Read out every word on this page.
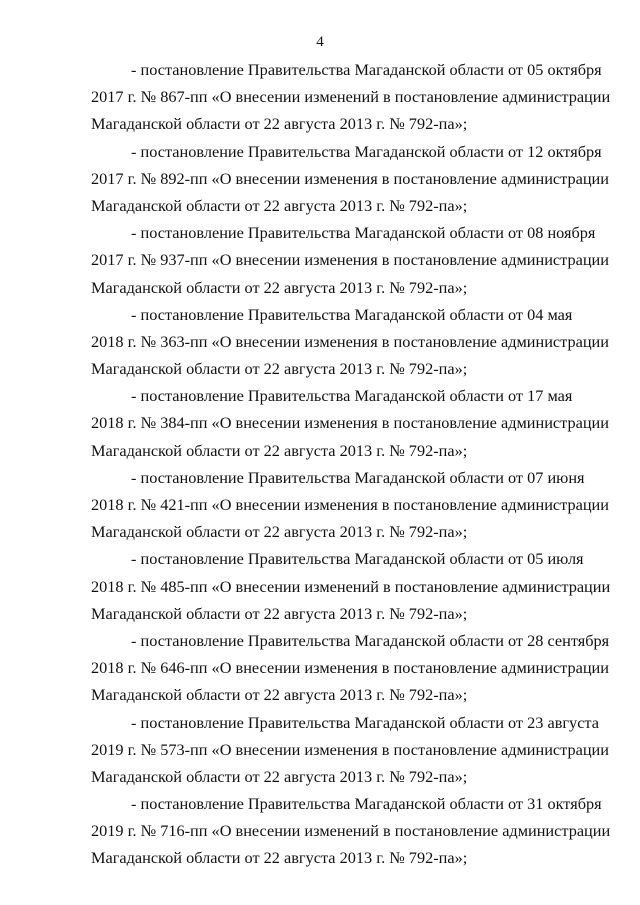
4

- постановление Правительства Магаданской области от 05 октября
2017 г. № 867-пп «О внесении изменений в постановление администрации
Магаданской области от 22 августа 2013 г. № 792-па»;

- постановление Правительства Магаданской области от 12 октября
2017 г. № 892-пп «О внесении изменения в постановление администрации
Магаданской области от 22 августа 2013 г. № 792-па»;

- постановление Правительства Магаданской области от 08 ноября
2017 г. № 937-пп «О внесении изменения в постановление администрации
Магаданской области от 22 августа 2013 г. № 792-па»;

- постановление Правительства Магаданской области от 04 мая
2018 г. № 363-пп «О внесении изменения в постановление администрации
Магаданской области от 22 августа 2013 г. № 792-па»;

- постановление Правительства Магаданской области от 17 мая
2018 г. № 384-пп «О внесении изменения в постановление администрации
Магаданской области от 22 августа 2013 г. № 792-па»;

- постановление Правительства Магаданской области от 07 июня
2018 г. № 421-пп «О внесении изменения в постановление администрации
Магаданской области от 22 августа 2013 г. № 792-па»;

- постановление Правительства Магаданской области от 05 июля
2018 г. № 485-пп «О внесении изменений в постановление администрации
Магаданской области от 22 августа 2013 г. № 792-па»;

- постановление Правительства Магаданской области от 28 сентября
2018 г. № 646-пп «О внесении изменения в постановление администрации
Магаданской области от 22 августа 2013 г. № 792-па»;

- постановление Правительства Магаданской области от 23 августа
2019 г. № 573-пп «О внесении изменения в постановление администрации
Магаданской области от 22 августа 2013 г. № 792-па»;

- постановление Правительства Магаданской области от 31 октября
2019 г. № 716-пп «О внесении изменений в постановление администрации
Магаданской области от 22 августа 2013 г. № 792-па»;
